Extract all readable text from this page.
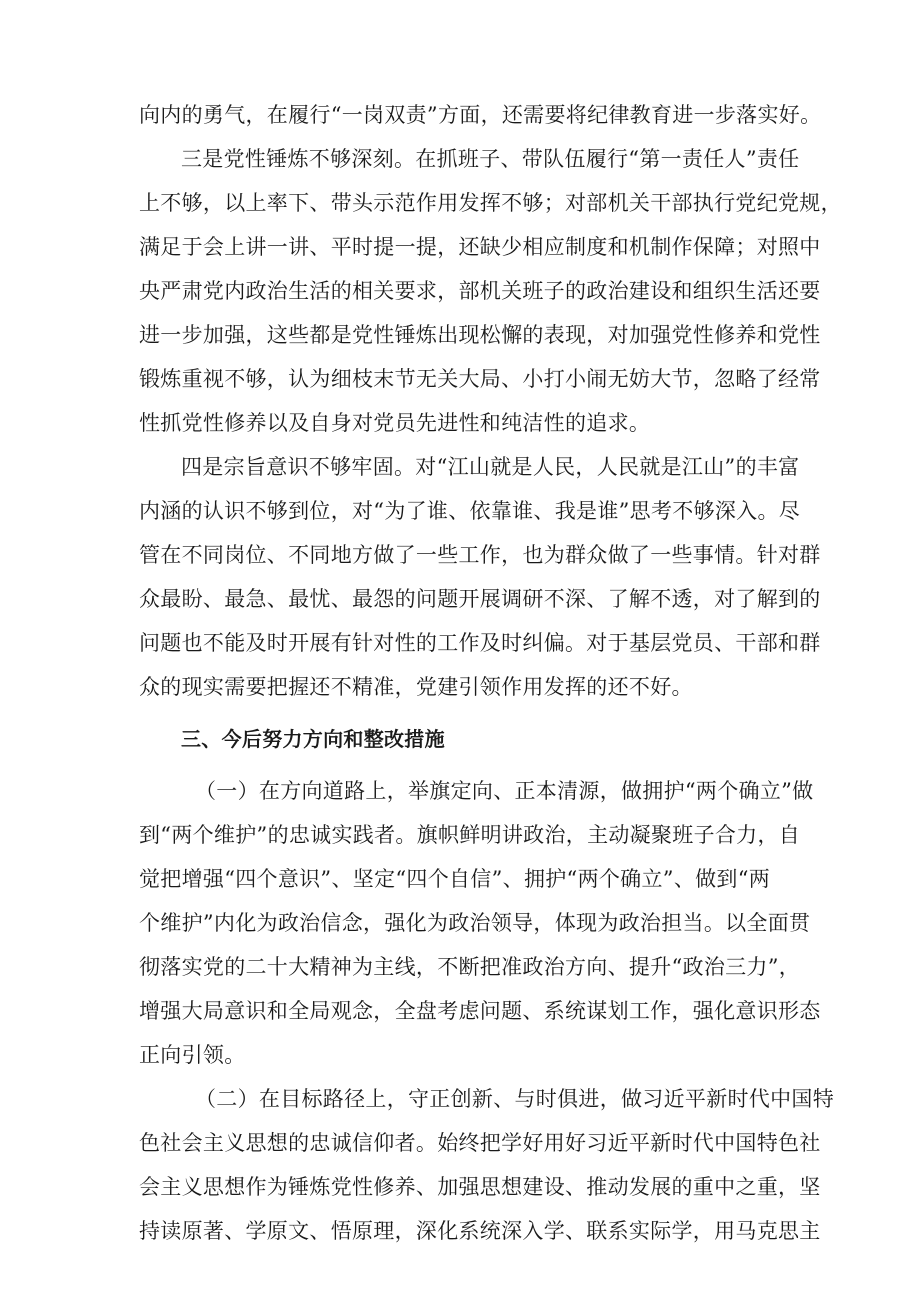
向内的勇气，在履行“一岗双责”方面，还需要将纪律教育进一步落实好。
三是党性锤炼不够深刻。在抓班子、带队伍履行“第一责任人”责任
上不够，以上率下、带头示范作用发挥不够；对部机关干部执行党纪党规，
满足于会上讲一讲、平时提一提，还缺少相应制度和机制作保障；对照中
央严肃党内政治生活的相关要求，部机关班子的政治建设和组织生活还要
进一步加强，这些都是党性锤炼出现松懈的表现，对加强党性修养和党性
锻炼重视不够，认为细枝末节无关大局、小打小闹无妨大节，忽略了经常
性抓党性修养以及自身对党员先进性和纯洁性的追求。
四是宗旨意识不够牢固。对“江山就是人民，人民就是江山”的丰富
内涵的认识不够到位，对“为了谁、依靠谁、我是谁”思考不够深入。尽
管在不同岗位、不同地方做了一些工作，也为群众做了一些事情。针对群
众最盼、最急、最忧、最怨的问题开展调研不深、了解不透，对了解到的
问题也不能及时开展有针对性的工作及时纠偏。对于基层党员、干部和群
众的现实需要把握还不精准，党建引领作用发挥的还不好。
三、今后努力方向和整改措施
（一）在方向道路上，举旗定向、正本清源，做拥护“两个确立”做
到“两个维护”的忠诚实践者。旗帜鲜明讲政治，主动凝聚班子合力，自
觉把增强“四个意识”、坚定“四个自信”、拥护“两个确立”、做到“两
个维护”内化为政治信念，强化为政治领导，体现为政治担当。以全面贯
彻落实党的二十大精神为主线，不断把准政治方向、提升“政治三力”，
增强大局意识和全局观念，全盘考虑问题、系统谋划工作，强化意识形态
正向引领。
（二）在目标路径上，守正创新、与时俱进，做习近平新时代中国特
色社会主义思想的忠诚信仰者。始终把学好用好习近平新时代中国特色社
会主义思想作为锤炼党性修养、加强思想建设、推动发展的重中之重，坚
持读原著、学原文、悟原理，深化系统深入学、联系实际学，用马克思主
